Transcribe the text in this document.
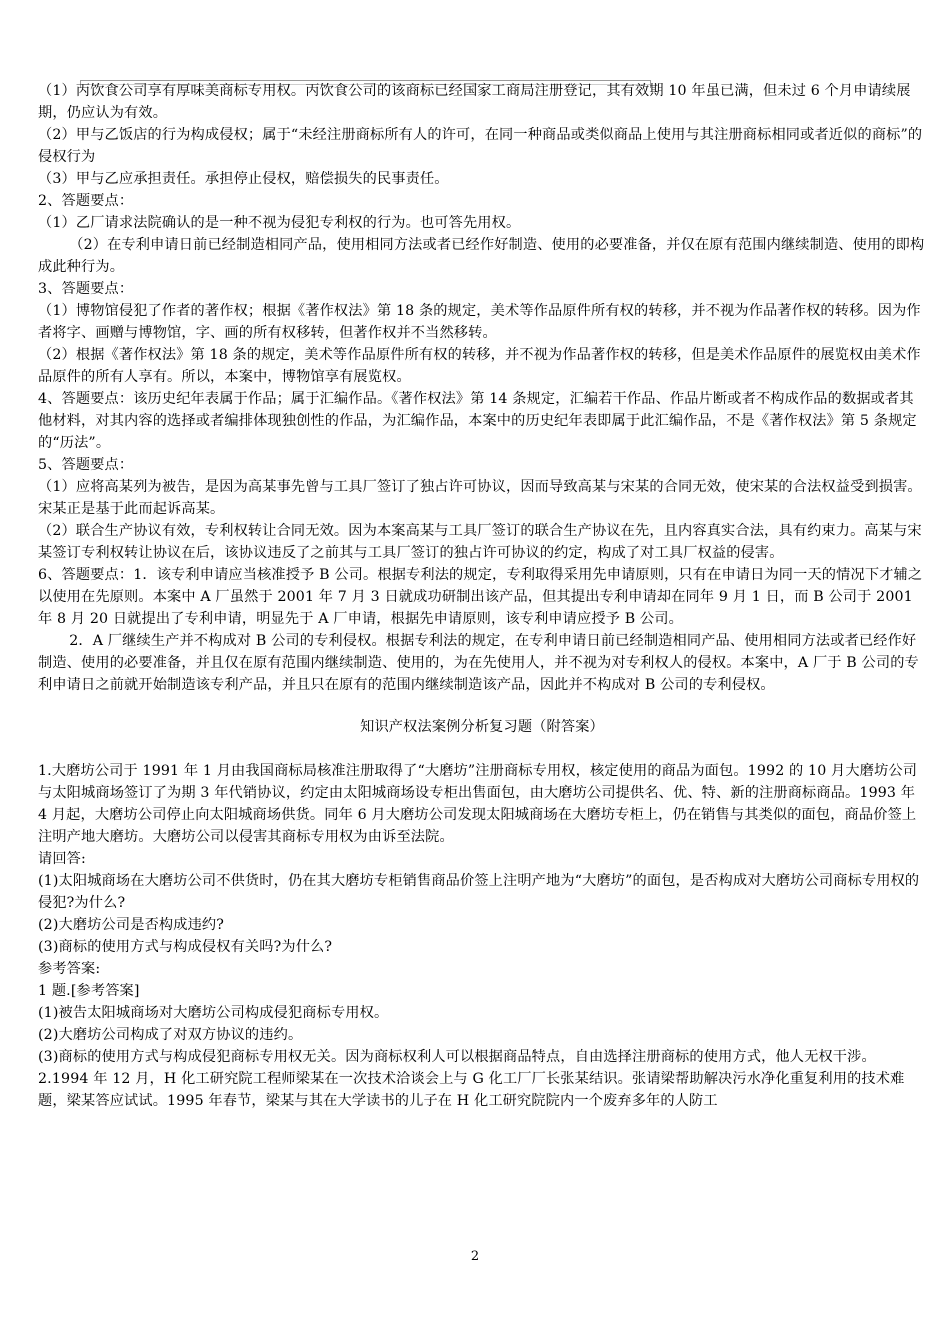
（1）丙饮食公司享有厚味美商标专用权。丙饮食公司的该商标已经国家工商局注册登记，其有效期 10 年虽已满，但未过 6 个月申请续展期，仍应认为有效。

（2）甲与乙饭店的行为构成侵权；属于“未经注册商标所有人的许可，在同一种商品或类似商品上使用与其注册商标相同或者近似的商标”的侵权行为

（3）甲与乙应承担责任。承担停止侵权，赔偿损失的民事责任。

2、答题要点：

（1）乙厂请求法院确认的是一种不视为侵犯专利权的行为。也可答先用权。

（2）在专利申请日前已经制造相同产品，使用相同方法或者已经作好制造、使用的必要准备，并仅在原有范围内继续制造、使用的即构成此种行为。

3、答题要点：

（1）博物馆侵犯了作者的著作权；根据《著作权法》第 18 条的规定，美术等作品原件所有权的转移，并不视为作品著作权的转移。因为作者将字、画赠与博物馆，字、画的所有权移转，但著作权并不当然移转。

（2）根据《著作权法》第 18 条的规定，美术等作品原件所有权的转移，并不视为作品著作权的转移，但是美术作品原件的展览权由美术作品原件的所有人享有。所以，本案中，博物馆享有展览权。

4、答题要点：该历史纪年表属于作品；属于汇编作品。《著作权法》第 14 条规定，汇编若干作品、作品片断或者不构成作品的数据或者其他材料，对其内容的选择或者编排体现独创性的作品，为汇编作品，本案中的历史纪年表即属于此汇编作品，不是《著作权法》第 5 条规定的“历法”。

5、答题要点：

（1）应将高某列为被告，是因为高某事先曾与工具厂签订了独占许可协议，因而导致高某与宋某的合同无效，使宋某的合法权益受到损害。宋某正是基于此而起诉高某。

（2）联合生产协议有效，专利权转让合同无效。因为本案高某与工具厂签订的联合生产协议在先，且内容真实合法，具有约束力。高某与宋某签订专利权转让协议在后，该协议违反了之前其与工具厂签订的独占许可协议的约定，构成了对工具厂权益的侵害。

6、答题要点：1．该专利申请应当核准授予 B 公司。根据专利法的规定，专利取得采用先申请原则，只有在申请日为同一天的情况下才辅之以使用在先原则。本案中 A 厂虽然于 2001 年 7 月 3 日就成功研制出该产品，但其提出专利申请却在同年 9 月 1 日，而 B 公司于 2001 年 8 月 20 日就提出了专利申请，明显先于 A 厂申请，根据先申请原则，该专利申请应授予 B 公司。

2．A 厂继续生产并不构成对 B 公司的专利侵权。根据专利法的规定，在专利申请日前已经制造相同产品、使用相同方法或者已经作好制造、使用的必要准备，并且仅在原有范围内继续制造、使用的，为在先使用人，并不视为对专利权人的侵权。本案中，A 厂于 B 公司的专利申请日之前就开始制造该专利产品，并且只在原有的范围内继续制造该产品，因此并不构成对 B 公司的专利侵权。

知识产权法案例分析复习题（附答案）

1.大磨坊公司于 1991 年 1 月由我国商标局核准注册取得了“大磨坊”注册商标专用权，核定使用的商品为面包。1992 的 10 月大磨坊公司与太阳城商场签订了为期 3 年代销协议，约定由太阳城商场设专柜出售面包，由大磨坊公司提供名、优、特、新的注册商标商品。1993 年 4 月起，大磨坊公司停止向太阳城商场供货。同年 6 月大磨坊公司发现太阳城商场在大磨坊专柜上，仍在销售与其类似的面包，商品价签上注明产地大磨坊。大磨坊公司以侵害其商标专用权为由诉至法院。

请回答:

(1)太阳城商场在大磨坊公司不供货时，仍在其大磨坊专柜销售商品价签上注明产地为“大磨坊”的面包，是否构成对大磨坊公司商标专用权的侵犯?为什么?

(2)大磨坊公司是否构成违约?

(3)商标的使用方式与构成侵权有关吗?为什么?

参考答案:

1 题.[参考答案]

(1)被告太阳城商场对大磨坊公司构成侵犯商标专用权。

(2)大磨坊公司构成了对双方协议的违约。

(3)商标的使用方式与构成侵犯商标专用权无关。因为商标权利人可以根据商品特点，自由选择注册商标的使用方式，他人无权干涉。

2.1994 年 12 月，H 化工研究院工程师梁某在一次技术洽谈会上与 G 化工厂厂长张某结识。张请梁帮助解决污水净化重复利用的技术难题，梁某答应试试。1995 年春节，梁某与其在大学读书的儿子在 H 化工研究院院内一个废弃多年的人防工

2
